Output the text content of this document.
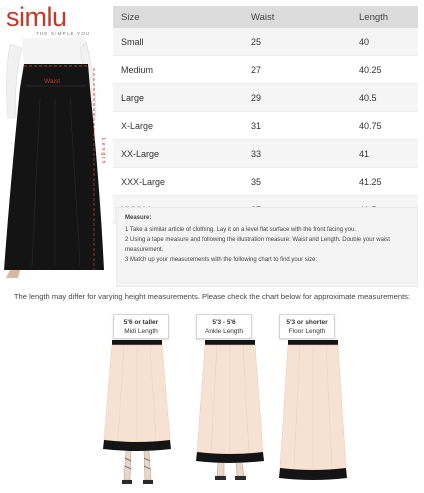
simlu
THE SIMPLE YOU
Waist
Length
Size	Waist	Length
Small	25	40
Medium	27	40.25
Large	29	40.5
X-Large	31	40.75
XX-Large	33	41
XXX-Large	35	41.25
Measure:
1 Take a similar article of clothing. Lay it on a level flat surface with the front facing you.
2 Using a tape measure and following the illustration measure: Waist and Length. Double your waist measurement.
3 Match up your measurements with the following chart to find your size:
The length may differ for varying height measurements. Please check the chart below for approximate measurements:
5'6 or taller
Midi Length
5'3 - 5'6
Ankle Length
5'3 or shorter
Floor Length
